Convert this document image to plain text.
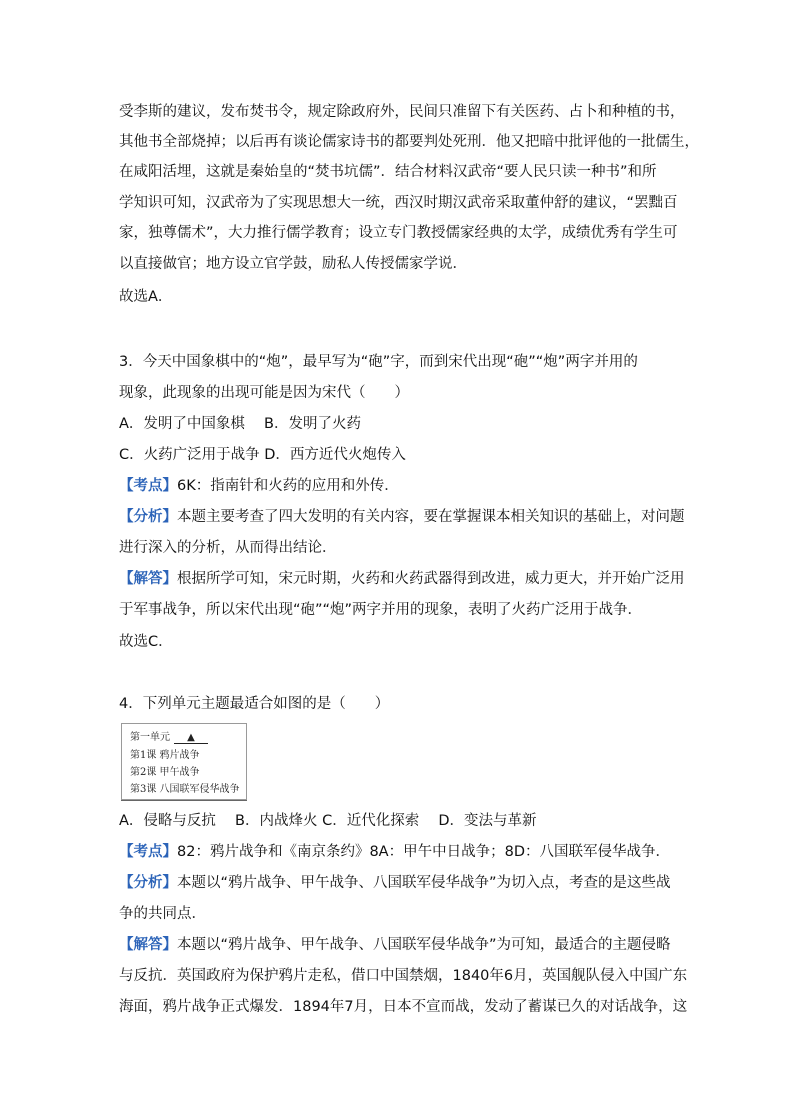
受李斯的建议，发布焚书令，规定除政府外，民间只准留下有关医药、占卜和种植的书，
其他书全部烧掉；以后再有谈论儒家诗书的都要判处死刑．他又把暗中批评他的一批儒生，
在咸阳活埋，这就是秦始皇的“焚书坑儒”．结合材料汉武帝“要人民只读一种书”和所
学知识可知，汉武帝为了实现思想大一统，西汉时期汉武帝采取董仲舒的建议，“罢黜百
家，独尊儒术”，大力推行儒学教育；设立专门教授儒家经典的太学，成绩优秀有学生可
以直接做官；地方设立官学鼓，励私人传授儒家学说．
故选A．
3．今天中国象棋中的“炮”，最早写为“砲”字，而到宋代出现“砲”“炮”两字并用的
现象，此现象的出现可能是因为宋代（　　）
A．发明了中国象棋　 B．发明了火药
C．火药广泛用于战争 D．西方近代火炮传入
【考点】6K：指南针和火药的应用和外传．
【分析】本题主要考查了四大发明的有关内容，要在掌握课本相关知识的基础上，对问题
进行深入的分析，从而得出结论．
【解答】根据所学可知，宋元时期，火药和火药武器得到改进，威力更大，并开始广泛用
于军事战争，所以宋代出现“砲”“炮”两字并用的现象，表明了火药广泛用于战争．
故选C．
4．下列单元主题最适合如图的是（　　）
第一单元 ▲
第1课 鸦片战争
第2课 甲午战争
第3课 八国联军侵华战争
A．侵略与反抗　 B．内战烽火 C．近代化探索　 D．变法与革新
【考点】82：鸦片战争和《南京条约》8A：甲午中日战争；8D：八国联军侵华战争．
【分析】本题以“鸦片战争、甲午战争、八国联军侵华战争”为切入点，考查的是这些战
争的共同点．
【解答】本题以“鸦片战争、甲午战争、八国联军侵华战争”为可知，最适合的主题侵略
与反抗．英国政府为保护鸦片走私，借口中国禁烟，1840年6月，英国舰队侵入中国广东
海面，鸦片战争正式爆发．1894年7月，日本不宣而战，发动了蓄谋已久的对话战争，这
